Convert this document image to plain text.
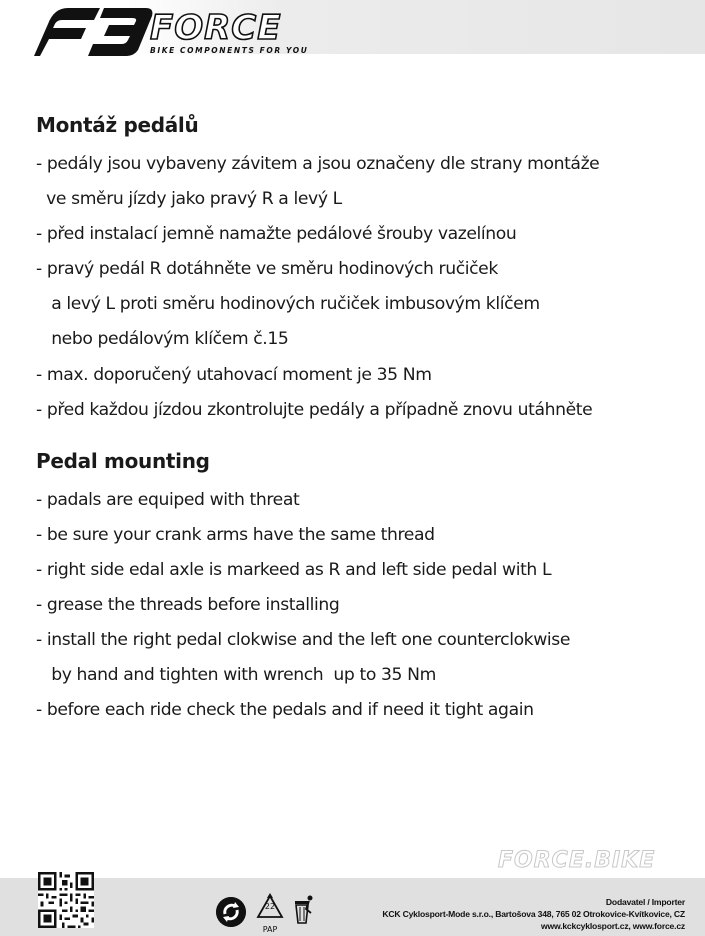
FORCE
BIKE COMPONENTS FOR YOU
Montáž pedálů
- pedály jsou vybaveny závitem a jsou označeny dle strany montáže
ve směru jízdy jako pravý R a levý L
- před instalací jemně namažte pedálové šrouby vazelínou
- pravý pedál R dotáhněte ve směru hodinových ručiček
a levý L proti směru hodinových ručiček imbusovým klíčem
nebo pedálovým klíčem č.15
- max. doporučený utahovací moment je 35 Nm
- před každou jízdou zkontrolujte pedály a případně znovu utáhněte
Pedal mounting
- padals are equiped with threat
- be sure your crank arms have the same thread
- right side edal axle is markeed as R and left side pedal with L
- grease the threads before installing
- install the right pedal clokwise and the left one counterclokwise
by hand and tighten with wrench  up to 35 Nm
- before each ride check the pedals and if need it tight again
FORCE.BIKE
22
PAP
Dodavatel / Importer
KCK Cyklosport-Mode s.r.o., Bartošova 348, 765 02 Otrokovice-Kvítkovice, CZ
www.kckcyklosport.cz, www.force.cz
